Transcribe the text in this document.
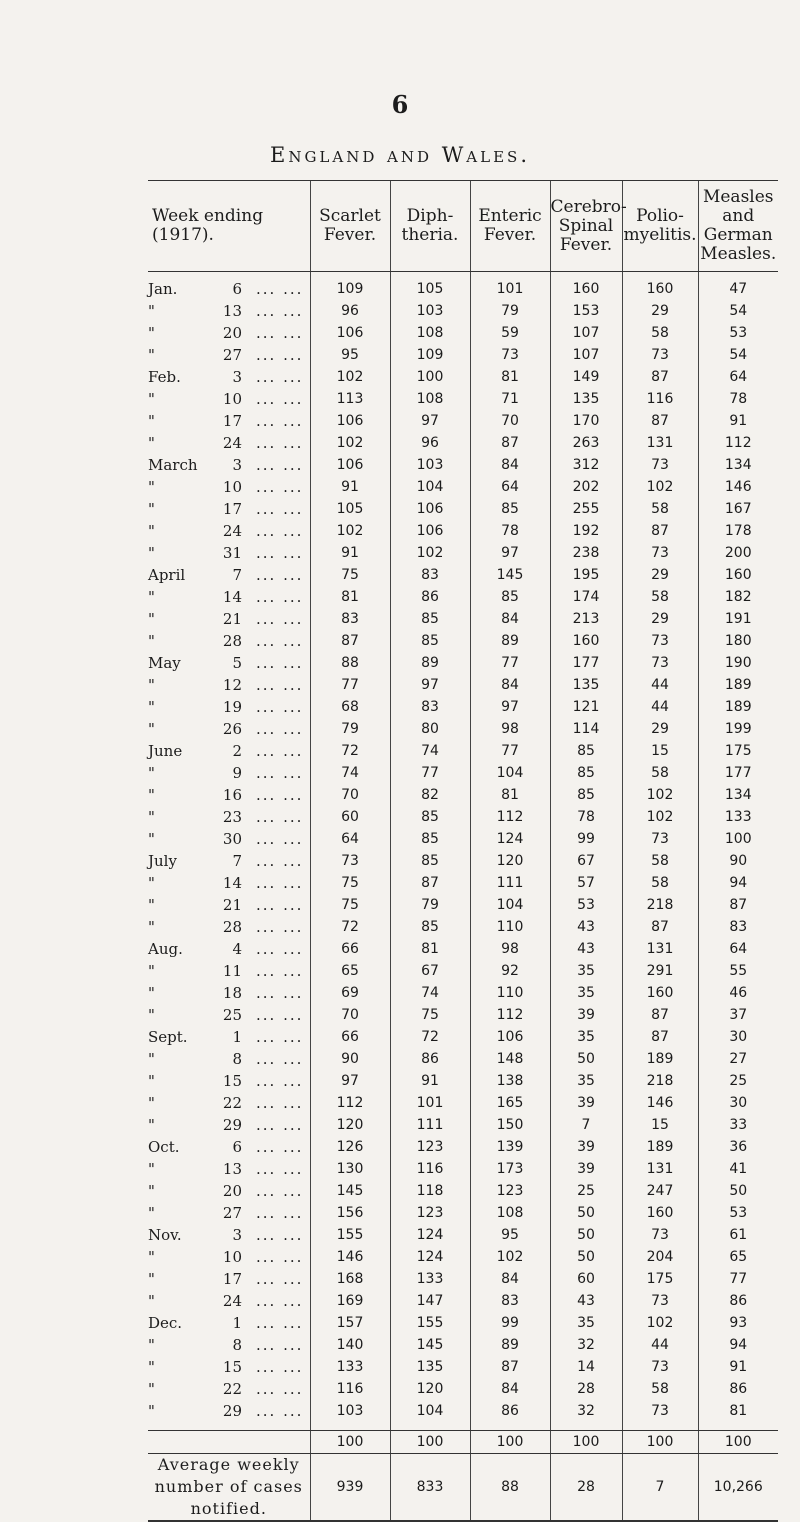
6
England and Wales.
Week ending (1917).	Scarlet Fever.	Diph-theria.	Enteric Fever.	Cerebro-Spinal Fever.	Polio-myelitis.	Measles and German Measles.
Jan. 6 ... ...	109	105	101	160	160	47
" 13 ... ...	96	103	79	153	29	54
" 20 ... ...	106	108	59	107	58	53
" 27 ... ...	95	109	73	107	73	54
Feb. 3 ... ...	102	100	81	149	87	64
" 10 ... ...	113	108	71	135	116	78
" 17 ... ...	106	97	70	170	87	91
" 24 ... ...	102	96	87	263	131	112
March 3 ... ...	106	103	84	312	73	134
" 10 ... ...	91	104	64	202	102	146
" 17 ... ...	105	106	85	255	58	167
" 24 ... ...	102	106	78	192	87	178
" 31 ... ...	91	102	97	238	73	200
April 7 ... ...	75	83	145	195	29	160
" 14 ... ...	81	86	85	174	58	182
" 21 ... ...	83	85	84	213	29	191
" 28 ... ...	87	85	89	160	73	180
May 5 ... ...	88	89	77	177	73	190
" 12 ... ...	77	97	84	135	44	189
" 19 ... ...	68	83	97	121	44	189
" 26 ... ...	79	80	98	114	29	199
June 2 ... ...	72	74	77	85	15	175
" 9 ... ...	74	77	104	85	58	177
" 16 ... ...	70	82	81	85	102	134
" 23 ... ...	60	85	112	78	102	133
" 30 ... ...	64	85	124	99	73	100
July 7 ... ...	73	85	120	67	58	90
" 14 ... ...	75	87	111	57	58	94
" 21 ... ...	75	79	104	53	218	87
" 28 ... ...	72	85	110	43	87	83
Aug. 4 ... ...	66	81	98	43	131	64
" 11 ... ...	65	67	92	35	291	55
" 18 ... ...	69	74	110	35	160	46
" 25 ... ...	70	75	112	39	87	37
Sept. 1 ... ...	66	72	106	35	87	30
" 8 ... ...	90	86	148	50	189	27
" 15 ... ...	97	91	138	35	218	25
" 22 ... ...	112	101	165	39	146	30
" 29 ... ...	120	111	150	7	15	33
Oct. 6 ... ...	126	123	139	39	189	36
" 13 ... ...	130	116	173	39	131	41
" 20 ... ...	145	118	123	25	247	50
" 27 ... ...	156	123	108	50	160	53
Nov. 3 ... ...	155	124	95	50	73	61
" 10 ... ...	146	124	102	50	204	65
" 17 ... ...	168	133	84	60	175	77
" 24 ... ...	169	147	83	43	73	86
Dec. 1 ... ...	157	155	99	35	102	93
" 8 ... ...	140	145	89	32	44	94
" 15 ... ...	133	135	87	14	73	91
" 22 ... ...	116	120	84	28	58	86
" 29 ... ...	103	104	86	32	73	81
	100	100	100	100	100	100
Average weekly number of cases notified.	939	833	88	28	7	10,266
